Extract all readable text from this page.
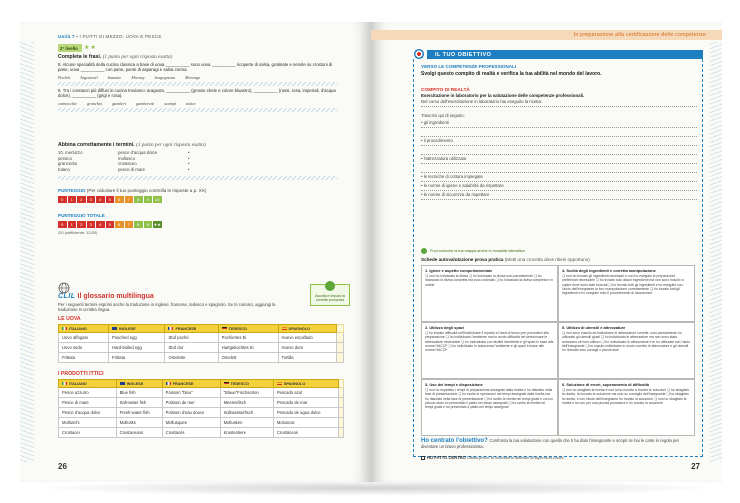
Unità 7 • I PIATTI DI MEZZO: UOVA E PESCE
2° livello	★★
Completa le frasi. (1 punto per ogni risposta esatta)
8. Alcune specialità della cucina classica a base di uova __________ sono uova __________ ricoperte di salsa, gratinate e servite su crostoni di pane, uova __________ con pane, punte di asparagi e salsa crema.
Pochés Argenteuil bazzotte Mornay borgognona Morengo
9. Tra i crostacei più diffusi in cucina troviamo: aragosta, __________ (grosse chele e colore bluastro), __________ (rossi, rosa, imperiali, d'acqua dolce), __________ (grigi e rosa).
cannocchie granchio gamberi gamberetti scampi astice
Abbina correttamente i termini. (1 punto per ogni risposta esatta)
10. merluzzo	pesce d'acqua dolce	•
persico	mollusco	•
granceola	crostaceo	•
totano	pesce di mare	•
PUNTEGGIO (Per calcolare il tuo punteggio controlla le risposte a p. XX)
0	1	2	3	4	5	6	7	8	9	10
PUNTEGGIO TOTALE
0	1	2	3	4	5	6	7	8	9	★★
/20 (sufficiente: 12/20)
CLIL Il glossario multilingua
Per i seguenti termini esprimi anche la traduzione in inglese, francese, tedesco e spagnolo. Se lo conosci, aggiungi la traduzione in un'altra lingua.
Ascolta e impara la corretta pronuncia
LE UOVA
ITALIANO	INGLESE	FRANCESE	TEDESCO	SPAGNOLO	
Uovo affogato	Poached egg	Œuf poché	Pochiertes Ei	Huevo escalfado	
Uovo sodo	Hard-boiled egg	Œuf dur	Hartgekochtes Ei	Huevo duro	
Frittata	Frittata	Omelette	Omelett	Tortilla	
I PRODOTTI ITTICI
ITALIANO	INGLESE	FRANCESE	TEDESCO	SPAGNOLO	
Pesce azzurro	Blue fish	Poisson "bleu"	"Blaue"Fischsorten	Pescado azul	
Pesce di mare	Salt-water fish	Poisson de mer	Meeresfisch	Pescado de mar	
Pesce d'acqua dolce	Fresh-water fish	Poisson d'eau douce	Süßwasserfisch	Pescado de agua dulce	
Molluschi	Mollusks	Mollusques	Mollusken	Moluscos	
Crostacei	Crustaceans	Crustacés	Krustentiere	Crustáceos	
26
In preparazione alla certificazione delle competenze
IL TUO OBIETTIVO
VERSO LE COMPETENZE PROFESSIONALI
Svolgi questo compito di realtà e verifica la tua abilità nel mondo del lavoro.
COMPITO DI REALTÀ
Esercitazione in laboratorio per la valutazione delle competenze professionali.
Nel corso dell'esercitazione in laboratorio hai eseguito la ricetta:
Trascrivi qui di seguito:
• gli ingredienti
• il procedimento
• l'attrezzatura utilizzata
• le tecniche di cottura impiegate
• le norme di igiene e salubrità da rispettare
• le norme di sicurezza da rispettare
Puoi costruire la tua mappa anche in modalità interattiva
Schede autovalutazione prova pratica (Metti una crocetta dove ritieni opportuno)
1. Igiene e aspetto comportamentale

❑ non ho indossato la divisa ❑ ho indossato la divisa solo parzialmente ❑ ho indossato la divisa completa ma poco ordinata ❑ ho indossato la divisa completa e in ordine

4. Scelta degli ingredienti e corretta manipolazione

❑ non ho trovato gli ingredienti necessari e non ho eseguito le preparazioni preliminari necessarie ❑ ho trovato solo alcuni ingredienti ma non sono riuscito a capire dove sono stati stoccati ❑ ho trovato tutti gli ingredienti e ho eseguito con l'aiuto dell'insegnante la loro manipolazione correttamente ❑ ho trovato tutti gli ingredienti e ho eseguito tutto il procedimento di lavorazione

2. Utilizzo degli spazi

❑ ho trovato difficoltà nell'individuare il reparto e l'area di lavoro per procedere alla preparazione ❑ ho individuato l'ambiente ma ho avuto difficoltà nel selezionare le attrezzature necessarie ❑ ho individuato con facilità l'ambiente e gli spazi in base alle norme HACCP ❑ ho individuato in autonomia l'ambiente e gli spazi in base alle norme HACCP

5. Utilizzo di utensili e attrezzature

❑ non sono riuscito ad individuare le attrezzature corrette, solo parzialmente ho utilizzato gli utensili giusti ❑ ho individuato le attrezzature ma non sono stato autonomo nel loro utilizzo ❑ ho individuato le attrezzature e le ho utilizzate con l'aiuto dell'insegnante ❑ ho saputo individuare in modo corretto le attrezzature e gli utensili ho rinovato solo consigli o piccoli aiuti

3. Uso dei tempi e disposizione

❑ non ho rispettato i tempi di preparazione assegnati dalla ricetta e ho ritardato nella fase di presentazione ❑ ho svolto le operazioni nei tempi assegnati dalla ricetta ma ho ritardato nella fase di presentazione ❑ ho svolto la ricetta nei tempi giusti e con un piccolo aiuto ho presentato il piatto nei tempi assegnati ❑ ho svolto la ricetta nei tempi giusti e ho presentato il piatto nei tempi assegnati

6. Soluzione di errori, superamento di difficoltà

❑ non ho sbagliato la ricetta e non sono riuscito a trovare le soluzioni ❑ ho sbagliato la ricetta, ho trovato la soluzione ma solo su consiglio dell'insegnante ❑ ho sbagliato la ricetta, e con l'aiuto dell'insegnante ho trovato la soluzione ❑ non ho sbagliato la ricetta e se non per una piccola procedura e ho trovato la soluzione

Ho centrato l'obiettivo? Confronta la tua valutazione con quella che ti ha dato l'insegnante e scopri se hai le carte in regola per diventare un bravo professionista.
HO FATTO CENTRO Ottima prova. In laboratorio dimostro di sapermela cavare.
27
